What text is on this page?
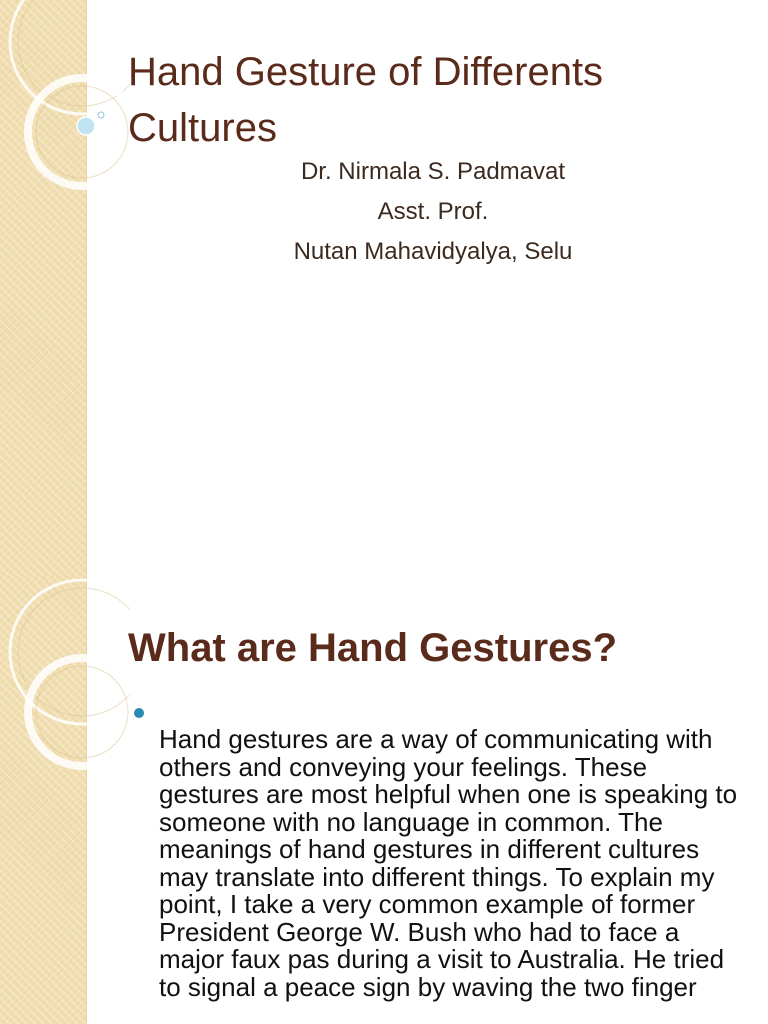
Hand Gesture of Differents Cultures
Dr. Nirmala S. Padmavat
Asst. Prof.
Nutan Mahavidyalya, Selu
What are Hand Gestures?

Hand gestures are a way of communicating with others and conveying your feelings. These gestures are most helpful when one is speaking to someone with no language in common. The meanings of hand gestures in different cultures may translate into different things. To explain my point, I take a very common example of former President George W. Bush who had to face a major faux pas during a visit to Australia. He tried to signal a peace sign by waving the two finger
